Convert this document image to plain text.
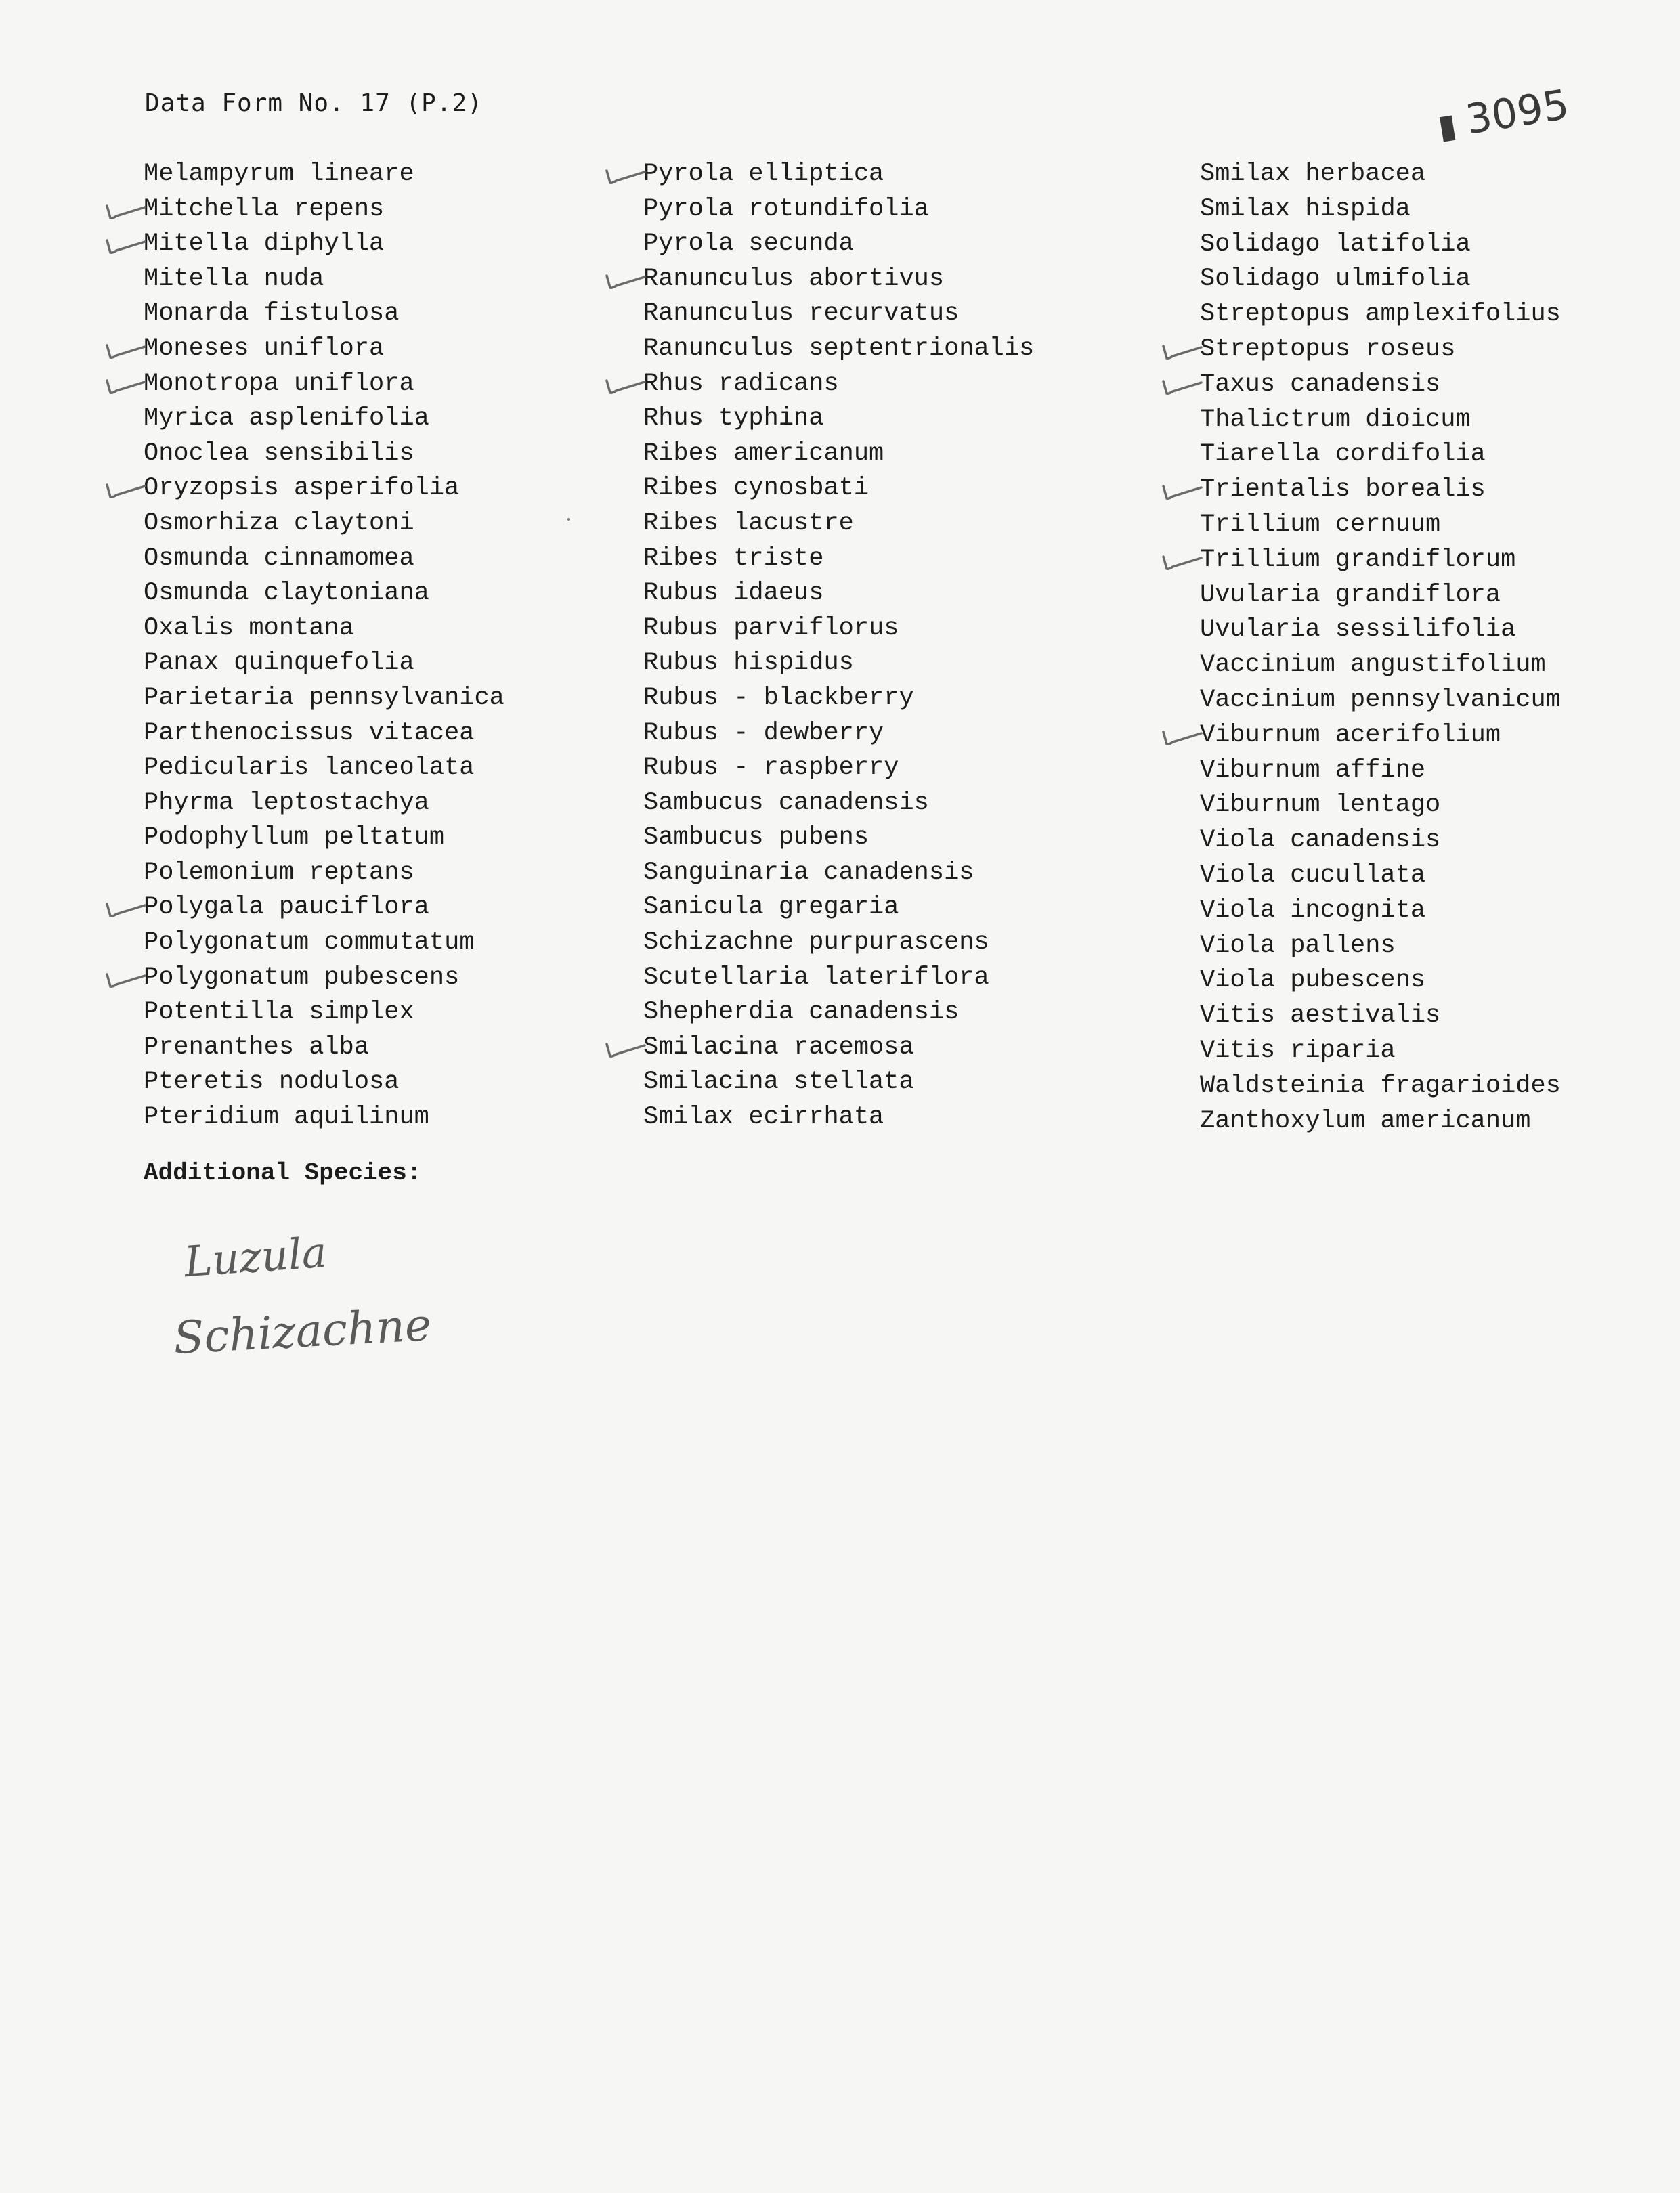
Data Form No. 17 (P.2)
▮3095
Melampyrum lineare
Mitchella repens
Mitella diphylla
Mitella nuda
Monarda fistulosa
Moneses uniflora
Monotropa uniflora
Myrica asplenifolia
Onoclea sensibilis
Oryzopsis asperifolia
Osmorhiza claytoni
Osmunda cinnamomea
Osmunda claytoniana
Oxalis montana
Panax quinquefolia
Parietaria pennsylvanica
Parthenocissus vitacea
Pedicularis lanceolata
Phyrma leptostachya
Podophyllum peltatum
Polemonium reptans
Polygala pauciflora
Polygonatum commutatum
Polygonatum pubescens
Potentilla simplex
Prenanthes alba
Pteretis nodulosa
Pteridium aquilinum
Pyrola elliptica
Pyrola rotundifolia
Pyrola secunda
Ranunculus abortivus
Ranunculus recurvatus
Ranunculus septentrionalis
Rhus radicans
Rhus typhina
Ribes americanum
Ribes cynosbati
Ribes lacustre
Ribes triste
Rubus idaeus
Rubus parviflorus
Rubus hispidus
Rubus - blackberry
Rubus - dewberry
Rubus - raspberry
Sambucus canadensis
Sambucus pubens
Sanguinaria canadensis
Sanicula gregaria
Schizachne purpurascens
Scutellaria lateriflora
Shepherdia canadensis
Smilacina racemosa
Smilacina stellata
Smilax ecirrhata
Smilax herbacea
Smilax hispida
Solidago latifolia
Solidago ulmifolia
Streptopus amplexifolius
Streptopus roseus
Taxus canadensis
Thalictrum dioicum
Tiarella cordifolia
Trientalis borealis
Trillium cernuum
Trillium grandiflorum
Uvularia grandiflora
Uvularia sessilifolia
Vaccinium angustifolium
Vaccinium pennsylvanicum
Viburnum acerifolium
Viburnum affine
Viburnum lentago
Viola canadensis
Viola cucullata
Viola incognita
Viola pallens
Viola pubescens
Vitis aestivalis
Vitis riparia
Waldsteinia fragarioides
Zanthoxylum americanum
Additional Species:
Luzula
Schizachne
